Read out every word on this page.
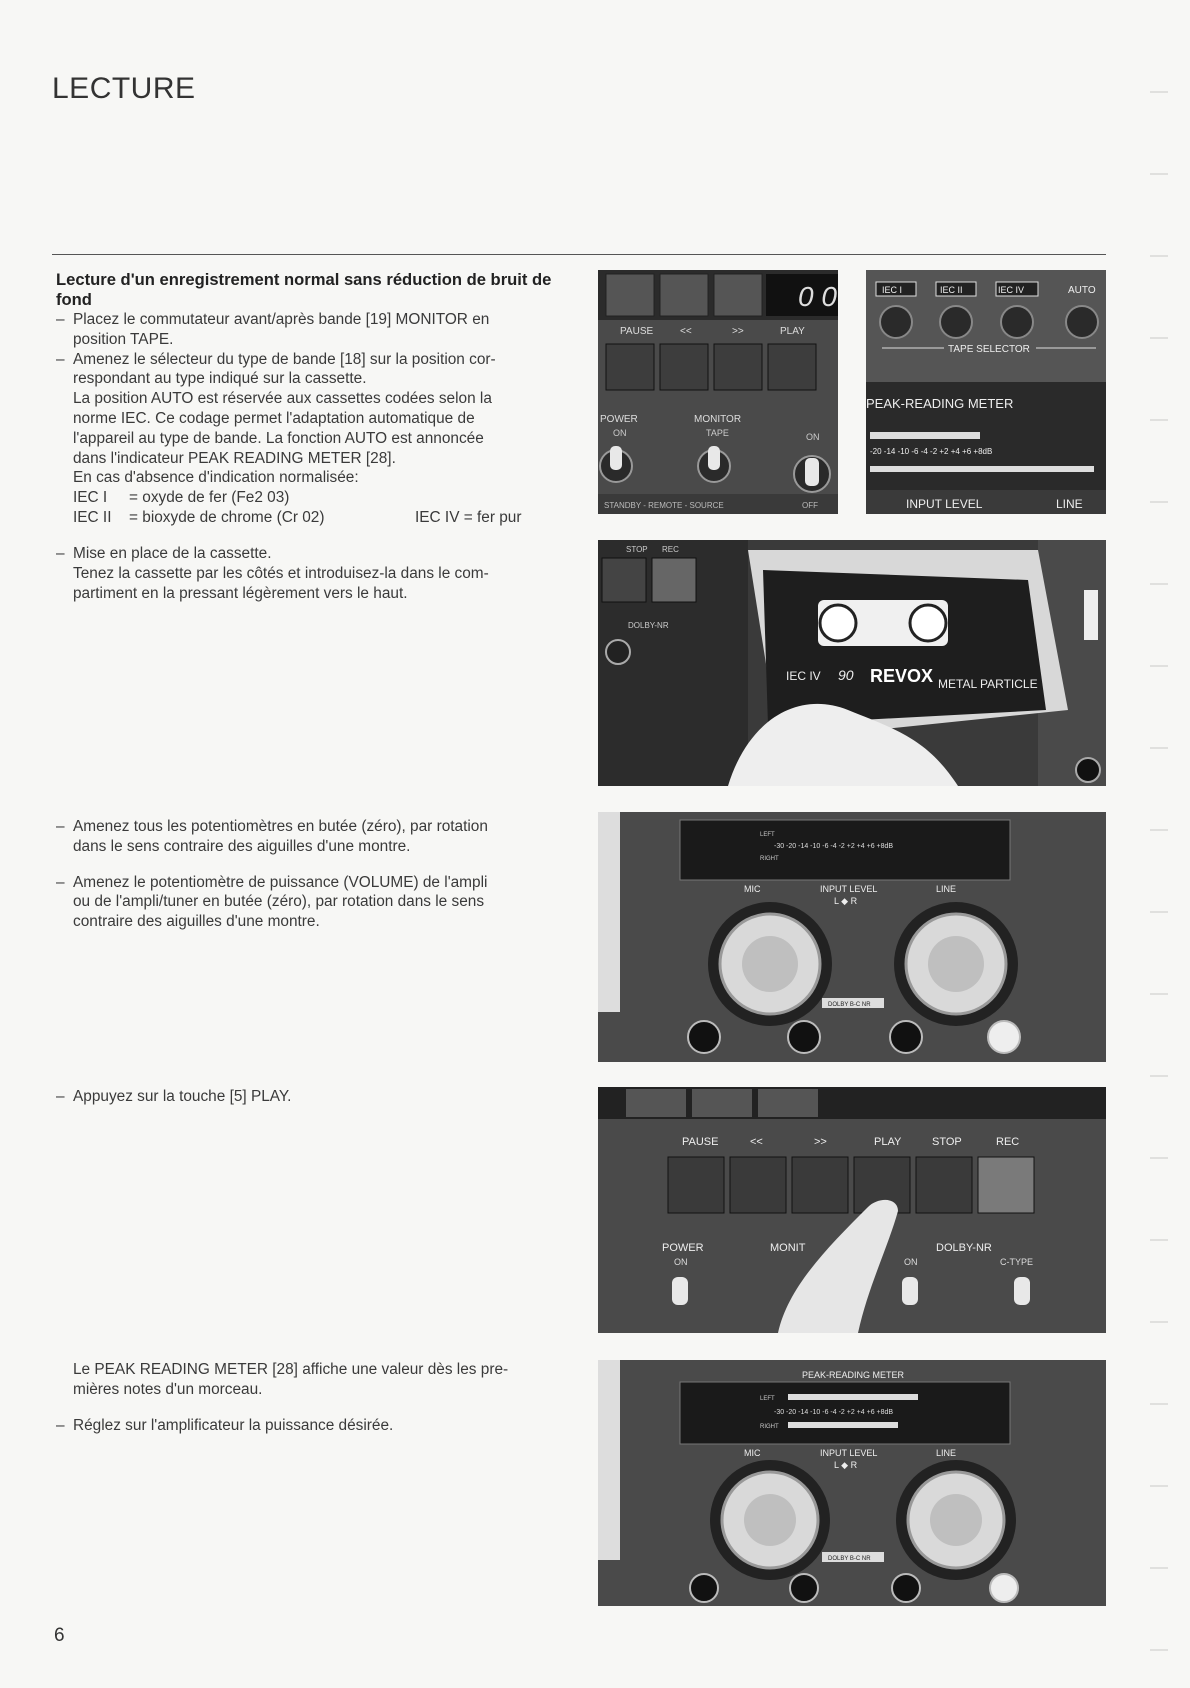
LECTURE
Lecture d'un enregistrement normal sans réduction de bruit de fond
– Placez le commutateur avant/après bande [19] MONITOR en
position TAPE.
– Amenez le sélecteur du type de bande [18] sur la position cor-
respondant au type indiqué sur la cassette.
La position AUTO est réservée aux cassettes codées selon la
norme IEC. Ce codage permet l'adaptation automatique de
l'appareil au type de bande. La fonction AUTO est annoncée
dans l'indicateur PEAK READING METER [28].
En cas d'absence d'indication normalisée:
IEC I	= oxyde de fer (Fe2 03)
IEC II	= bioxyde de chrome (Cr 02)	IEC IV = fer pur
– Mise en place de la cassette.
Tenez la cassette par les côtés et introduisez-la dans le com-
partiment en la pressant légèrement vers le haut.
– Amenez tous les potentiomètres en butée (zéro), par rotation
dans le sens contraire des aiguilles d'une montre.
– Amenez le potentiomètre de puissance (VOLUME) de l'ampli
ou de l'ampli/tuner en butée (zéro), par rotation dans le sens
contraire des aiguilles d'une montre.
– Appuyez sur la touche [5] PLAY.
Le PEAK READING METER [28] affiche une valeur dès les pre-
mières notes d'un morceau.
– Réglez sur l'amplificateur la puissance désirée.
0 0
PAUSE	<<	>>	PLAY
POWER
ON
MONITOR
TAPE	ON
STANDBY - REMOTE - SOURCE	OFF
IEC I	IEC II	IEC IV	AUTO
TAPE SELECTOR
PEAK-READING METER
-20 -14 -10 -6 -4 -2 +2 +4 +6 +8dB
INPUT LEVEL	LINE
STOP REC
DOLBY-NR
IEC IV 90 REVOX METAL PARTICLE
LEFT
-30 -20 -14 -10 -6 -4 -2 +2 +4 +6 +8dB
RIGHT
MIC	INPUT LEVEL
L ◆ R
LINE
DOLBY B-C NR
PAUSE	<<	>>	PLAY	STOP	REC
POWER
ON
MONIT	DOLBY-NR
ON	C-TYPE
PEAK-READING METER
LEFT
-30 -20 -14 -10 -6 -4 -2 +2 +4 +6 +8dB
RIGHT
MIC	INPUT LEVEL
L ◆ R
LINE
DOLBY B-C NR
6
